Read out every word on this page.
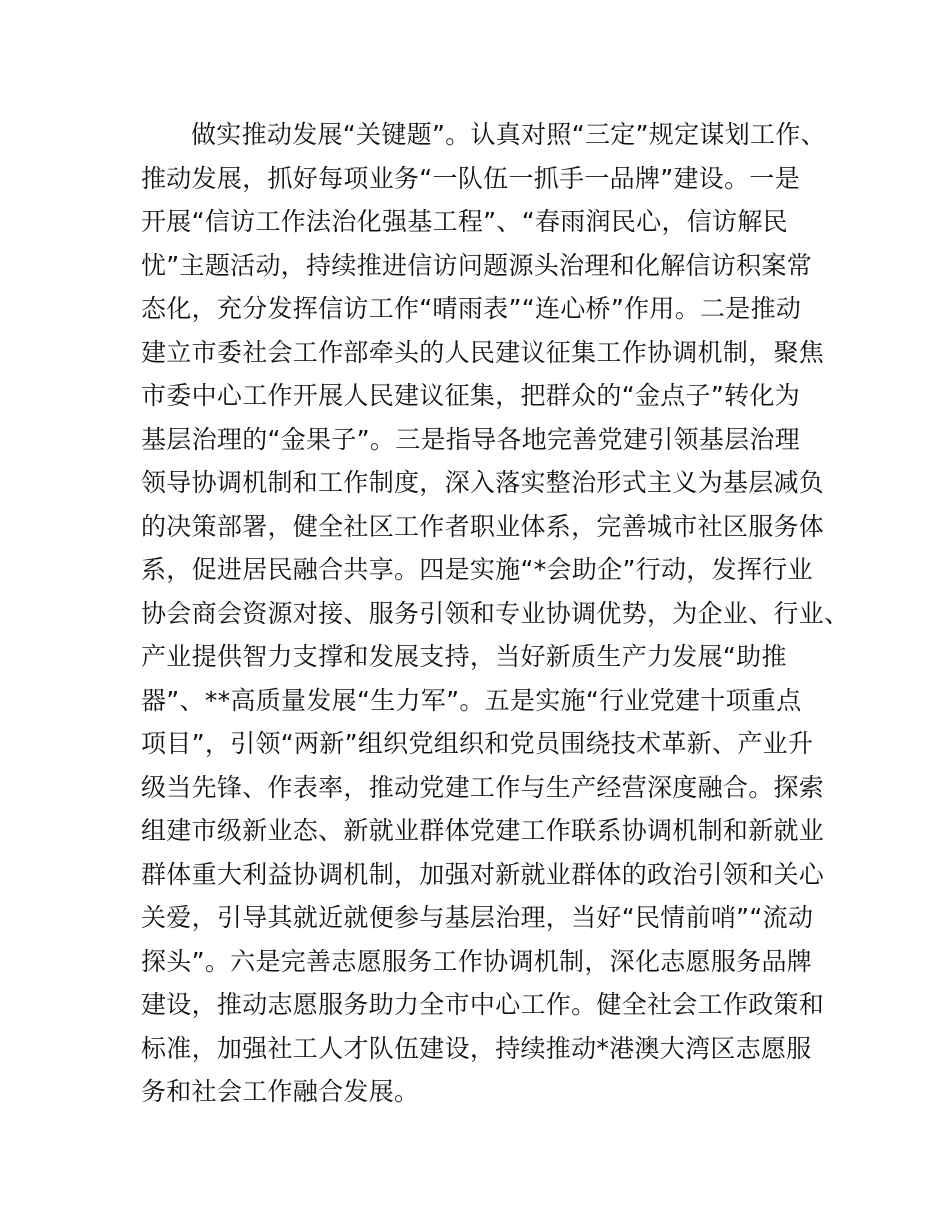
做实推动发展“关键题”。认真对照“三定”规定谋划工作、
推动发展，抓好每项业务“一队伍一抓手一品牌”建设。一是
开展“信访工作法治化强基工程”、“春雨润民心，信访解民
忧”主题活动，持续推进信访问题源头治理和化解信访积案常
态化，充分发挥信访工作“晴雨表”“连心桥”作用。二是推动
建立市委社会工作部牵头的人民建议征集工作协调机制，聚焦
市委中心工作开展人民建议征集，把群众的“金点子”转化为
基层治理的“金果子”。三是指导各地完善党建引领基层治理
领导协调机制和工作制度，深入落实整治形式主义为基层减负
的决策部署，健全社区工作者职业体系，完善城市社区服务体
系，促进居民融合共享。四是实施“*会助企”行动，发挥行业
协会商会资源对接、服务引领和专业协调优势，为企业、行业、
产业提供智力支撑和发展支持，当好新质生产力发展“助推
器”、**高质量发展“生力军”。五是实施“行业党建十项重点
项目”，引领“两新”组织党组织和党员围绕技术革新、产业升
级当先锋、作表率，推动党建工作与生产经营深度融合。探索
组建市级新业态、新就业群体党建工作联系协调机制和新就业
群体重大利益协调机制，加强对新就业群体的政治引领和关心
关爱，引导其就近就便参与基层治理，当好“民情前哨”“流动
探头”。六是完善志愿服务工作协调机制，深化志愿服务品牌
建设，推动志愿服务助力全市中心工作。健全社会工作政策和
标准，加强社工人才队伍建设，持续推动*港澳大湾区志愿服
务和社会工作融合发展。
